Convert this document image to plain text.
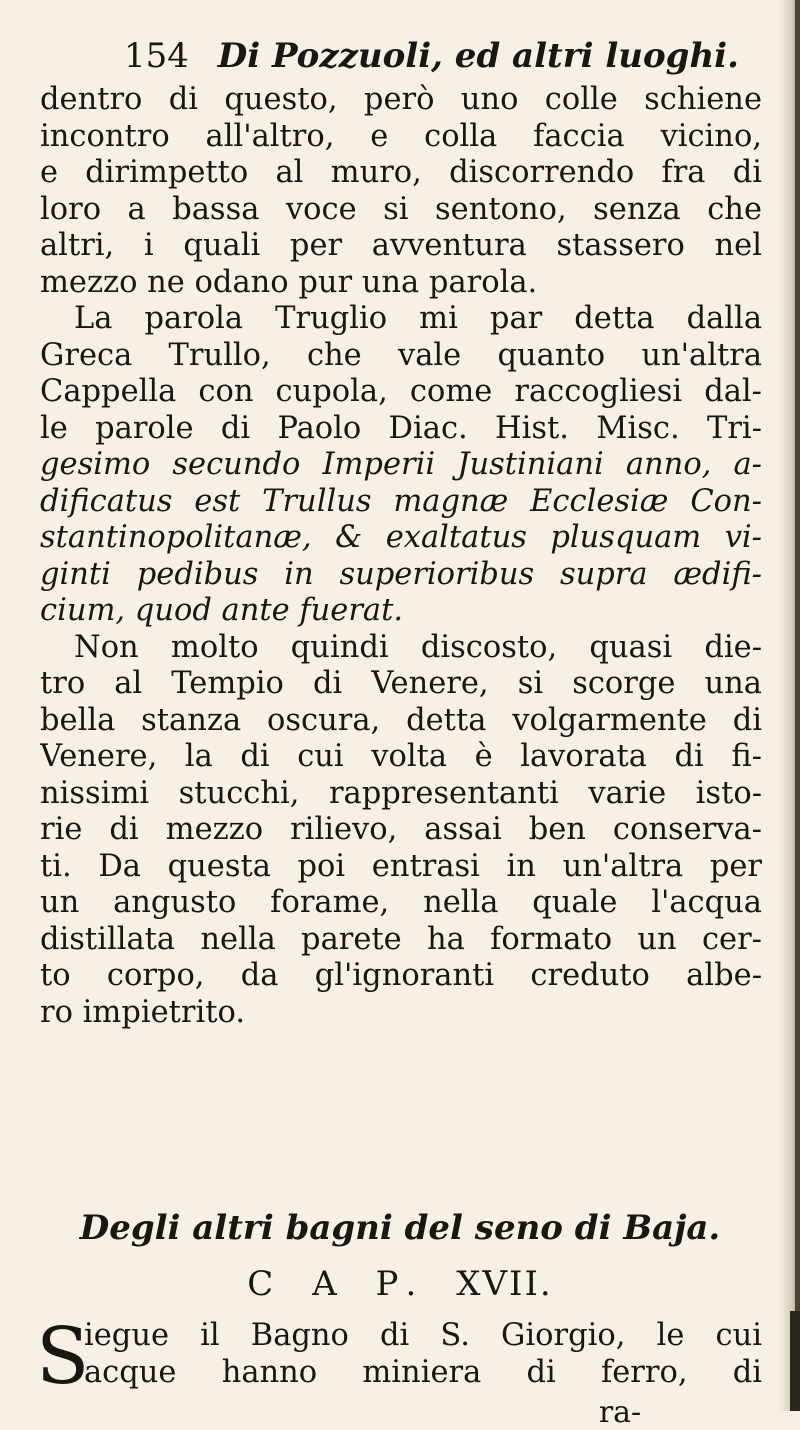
154 Di Pozzuoli, ed altri luoghi.
dentro di questo, però uno colle schiene
incontro all'altro, e colla faccia vicino,
e dirimpetto al muro, discorrendo fra di
loro a bassa voce si sentono, senza che
altri, i quali per avventura stassero nel
mezzo ne odano pur una parola.
La parola Truglio mi par detta dalla
Greca Trullo, che vale quanto un'altra
Cappella con cupola, come raccogliesi dal-
le parole di Paolo Diac. Hist. Misc. Tri-
gesimo secundo Imperii Justiniani anno, a-
dificatus est Trullus magnæ Ecclesiæ Con-
stantinopolitanæ, & exaltatus plusquam vi-
ginti pedibus in superioribus supra ædifi-
cium, quod ante fuerat.
Non molto quindi discosto, quasi die-
tro al Tempio di Venere, si scorge una
bella stanza oscura, detta volgarmente di
Venere, la di cui volta è lavorata di fi-
nissimi stucchi, rappresentanti varie isto-
rie di mezzo rilievo, assai ben conserva-
ti. Da questa poi entrasi in un'altra per
un angusto forame, nella quale l'acqua
distillata nella parete ha formato un cer-
to corpo, da gl'ignoranti creduto albe-
ro impietrito.
Degli altri bagni del seno di Baja.
C A P. XVII.
S
iegue il Bagno di S. Giorgio, le cui
acque hanno miniera di ferro, di
ra-
